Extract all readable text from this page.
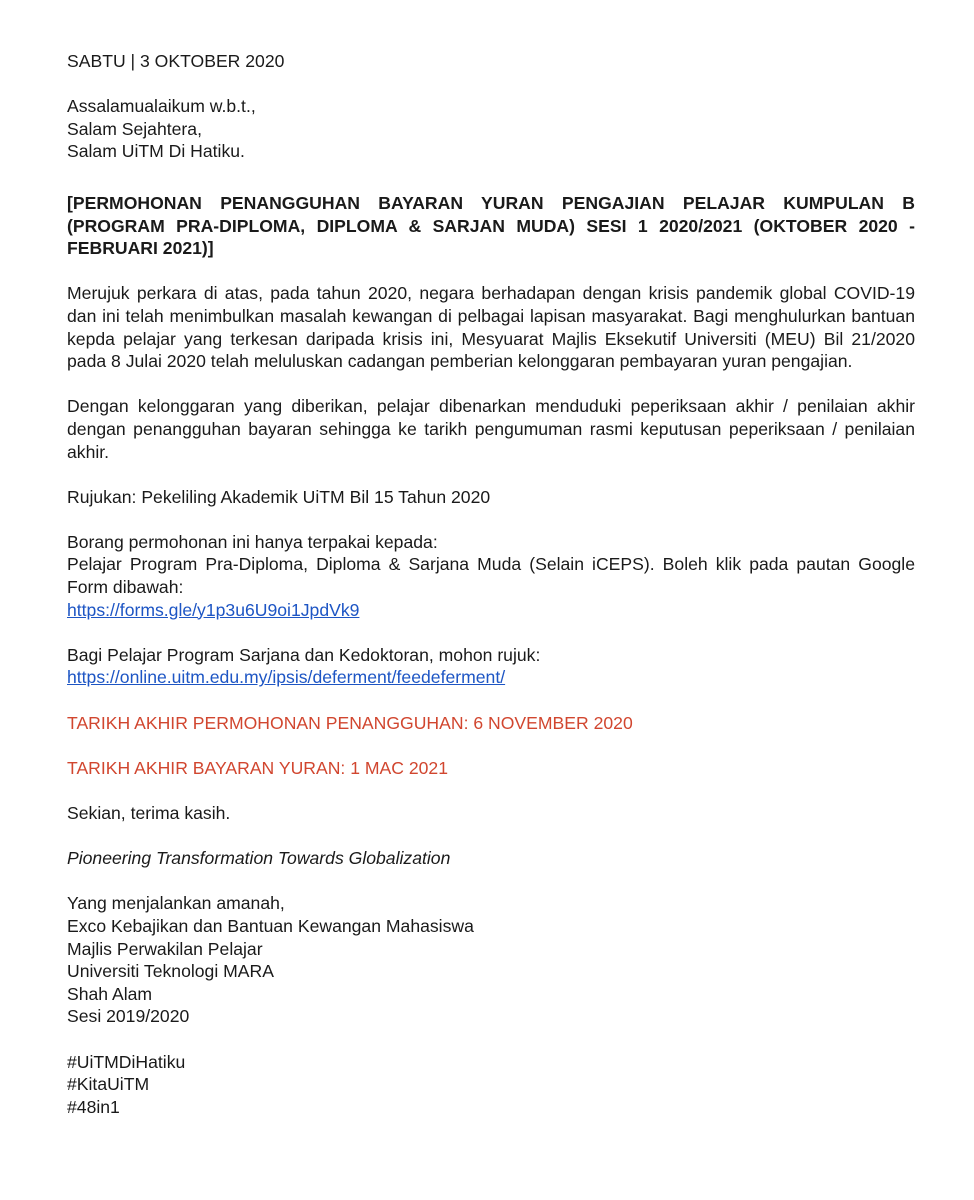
SABTU | 3 OKTOBER 2020

Assalamualaikum w.b.t.,
Salam Sejahtera,
Salam UiTM Di Hatiku.

[PERMOHONAN PENANGGUHAN BAYARAN YURAN PENGAJIAN PELAJAR KUMPULAN B (PROGRAM PRA-DIPLOMA, DIPLOMA & SARJAN MUDA) SESI 1 2020/2021 (OKTOBER 2020 - FEBRUARI 2021)]

Merujuk perkara di atas, pada tahun 2020, negara berhadapan dengan krisis pandemik global COVID-19 dan ini telah menimbulkan masalah kewangan di pelbagai lapisan masyarakat. Bagi menghulurkan bantuan kepda pelajar yang terkesan daripada krisis ini, Mesyuarat Majlis Eksekutif Universiti (MEU) Bil 21/2020 pada 8 Julai 2020 telah meluluskan cadangan pemberian kelonggaran pembayaran yuran pengajian.

Dengan kelonggaran yang diberikan, pelajar dibenarkan menduduki peperiksaan akhir / penilaian akhir dengan penangguhan bayaran sehingga ke tarikh pengumuman rasmi keputusan peperiksaan / penilaian akhir.

Rujukan: Pekeliling Akademik UiTM Bil 15 Tahun 2020

Borang permohonan ini hanya terpakai kepada:

Pelajar Program Pra-Diploma, Diploma & Sarjana Muda (Selain iCEPS). Boleh klik pada pautan Google Form dibawah:

https://forms.gle/y1p3u6U9oi1JpdVk9

Bagi Pelajar Program Sarjana dan Kedoktoran, mohon rujuk:

https://online.uitm.edu.my/ipsis/deferment/feedeferment/

TARIKH AKHIR PERMOHONAN PENANGGUHAN: 6 NOVEMBER 2020

TARIKH AKHIR BAYARAN YURAN: 1 MAC 2021

Sekian, terima kasih.

Pioneering Transformation Towards Globalization

Yang menjalankan amanah,
Exco Kebajikan dan Bantuan Kewangan Mahasiswa
Majlis Perwakilan Pelajar
Universiti Teknologi MARA
Shah Alam
Sesi 2019/2020
#UiTMDiHatiku
#KitaUiTM
#48in1
